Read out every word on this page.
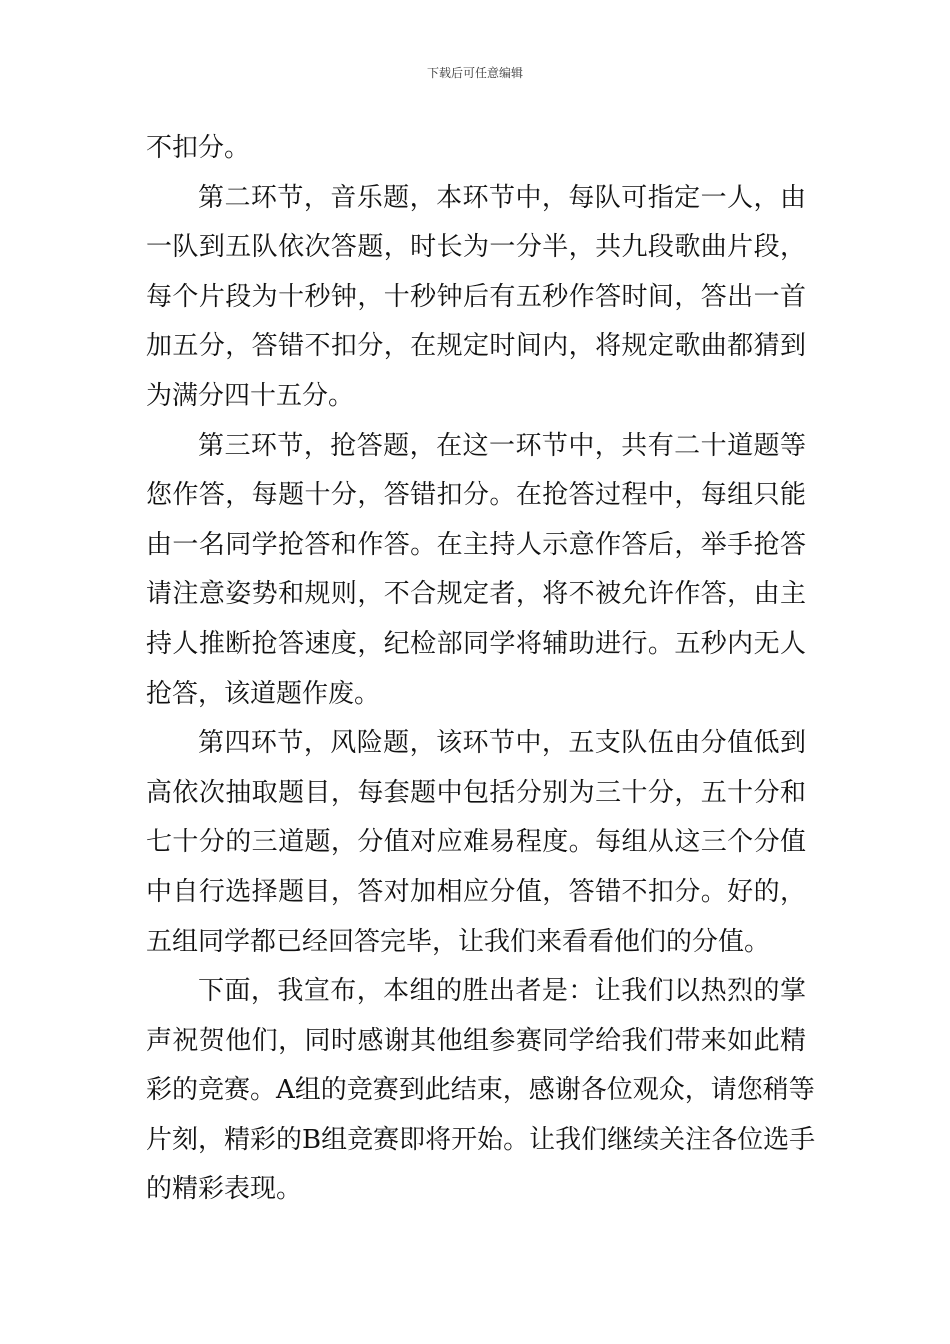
下载后可任意编辑
不扣分。
第二环节，音乐题，本环节中，每队可指定一人，由
一队到五队依次答题，时长为一分半，共九段歌曲片段，
每个片段为十秒钟，十秒钟后有五秒作答时间，答出一首
加五分，答错不扣分，在规定时间内，将规定歌曲都猜到
为满分四十五分。
第三环节，抢答题，在这一环节中，共有二十道题等
您作答，每题十分，答错扣分。在抢答过程中，每组只能
由一名同学抢答和作答。在主持人示意作答后，举手抢答
请注意姿势和规则，不合规定者，将不被允许作答，由主
持人推断抢答速度，纪检部同学将辅助进行。五秒内无人
抢答，该道题作废。
第四环节，风险题，该环节中，五支队伍由分值低到
高依次抽取题目，每套题中包括分别为三十分，五十分和
七十分的三道题，分值对应难易程度。每组从这三个分值
中自行选择题目，答对加相应分值，答错不扣分。好的，
五组同学都已经回答完毕，让我们来看看他们的分值。
下面，我宣布，本组的胜出者是：让我们以热烈的掌
声祝贺他们，同时感谢其他组参赛同学给我们带来如此精
彩的竞赛。A组的竞赛到此结束，感谢各位观众，请您稍等
片刻，精彩的B组竞赛即将开始。让我们继续关注各位选手
的精彩表现。
